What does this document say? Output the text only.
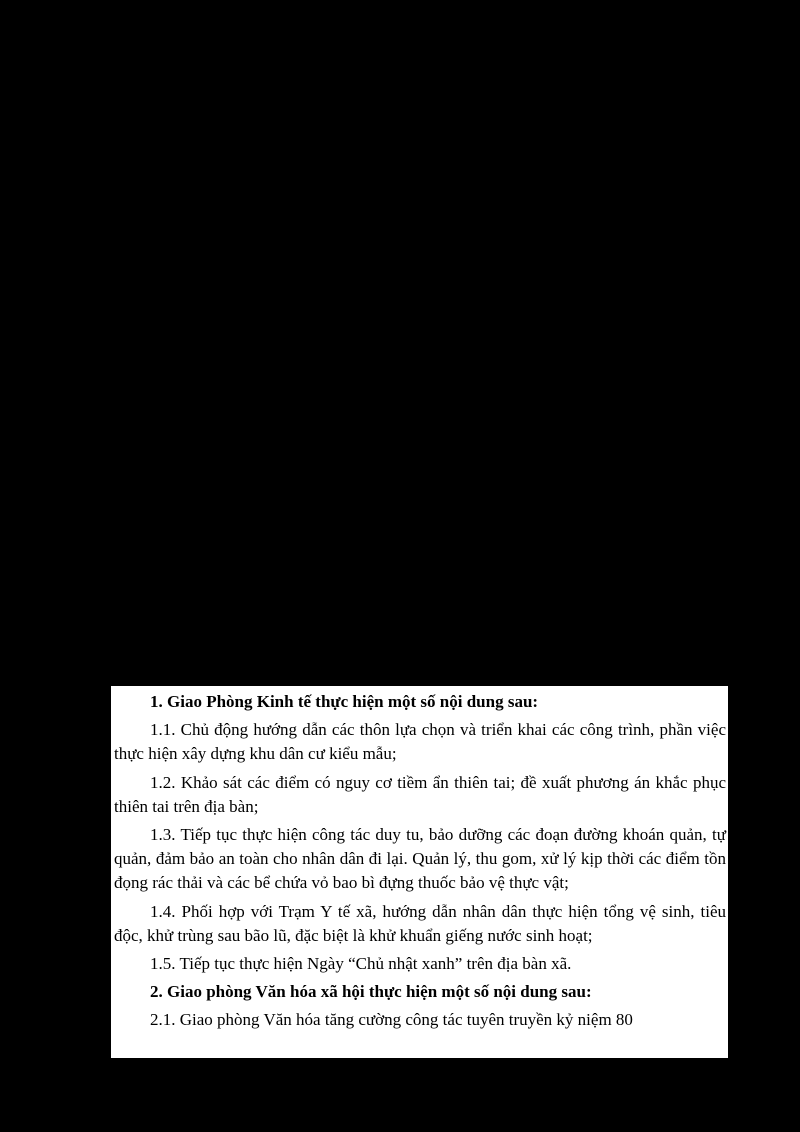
1. Giao Phòng Kinh tế thực hiện một số nội dung sau:

1.1. Chủ động hướng dẫn các thôn lựa chọn và triển khai các công trình, phần việc thực hiện xây dựng khu dân cư kiểu mẫu;

1.2. Khảo sát các điểm có nguy cơ tiềm ẩn thiên tai; đề xuất phương án khắc phục thiên tai trên địa bàn;

1.3. Tiếp tục thực hiện công tác duy tu, bảo dưỡng các đoạn đường khoán quản, tự quản, đảm bảo an toàn cho nhân dân đi lại. Quản lý, thu gom, xử lý kịp thời các điểm tồn đọng rác thải và các bể chứa vỏ bao bì đựng thuốc bảo vệ thực vật;

1.4. Phối hợp với Trạm Y tế xã, hướng dẫn nhân dân thực hiện tổng vệ sinh, tiêu độc, khử trùng sau bão lũ, đặc biệt là khử khuẩn giếng nước sinh hoạt;

1.5. Tiếp tục thực hiện Ngày “Chủ nhật xanh” trên địa bàn xã.

2. Giao phòng Văn hóa xã hội thực hiện một số nội dung sau:

2.1. Giao phòng Văn hóa tăng cường công tác tuyên truyền kỷ niệm 80
